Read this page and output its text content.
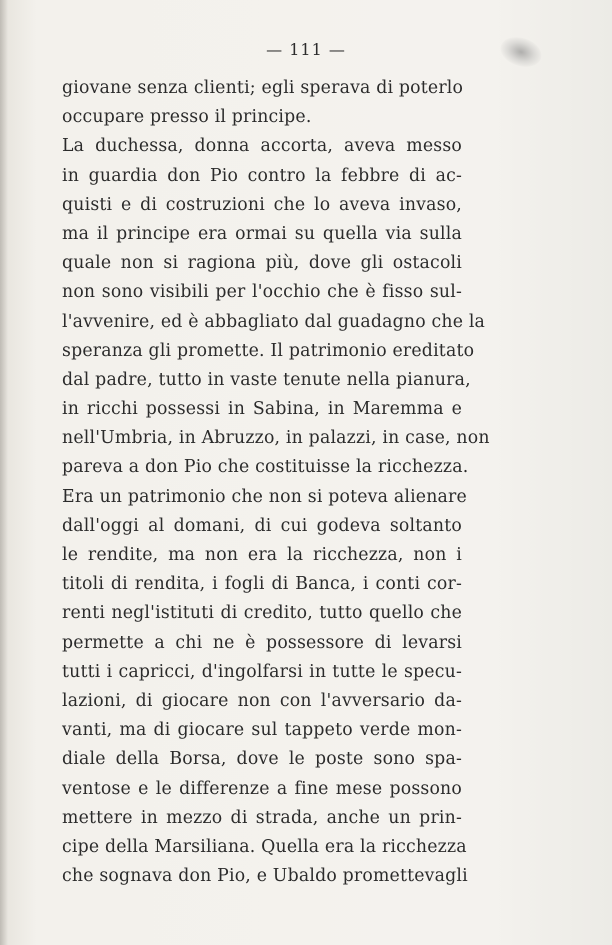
— 111 —
giovane senza clienti; egli sperava di poterlo
occupare presso il principe.
La duchessa, donna accorta, aveva messo
in guardia don Pio contro la febbre di ac-
quisti e di costruzioni che lo aveva invaso,
ma il principe era ormai su quella via sulla
quale non si ragiona più, dove gli ostacoli
non sono visibili per l'occhio che è fisso sul-
l'avvenire, ed è abbagliato dal guadagno che la
speranza gli promette. Il patrimonio ereditato
dal padre, tutto in vaste tenute nella pianura,
in ricchi possessi in Sabina, in Maremma e
nell'Umbria, in Abruzzo, in palazzi, in case, non
pareva a don Pio che costituisse la ricchezza.
Era un patrimonio che non si poteva alienare
dall'oggi al domani, di cui godeva soltanto
le rendite, ma non era la ricchezza, non i
titoli di rendita, i fogli di Banca, i conti cor-
renti negl'istituti di credito, tutto quello che
permette a chi ne è possessore di levarsi
tutti i capricci, d'ingolfarsi in tutte le specu-
lazioni, di giocare non con l'avversario da-
vanti, ma di giocare sul tappeto verde mon-
diale della Borsa, dove le poste sono spa-
ventose e le differenze a fine mese possono
mettere in mezzo di strada, anche un prin-
cipe della Marsiliana. Quella era la ricchezza
che sognava don Pio, e Ubaldo promettevagli
